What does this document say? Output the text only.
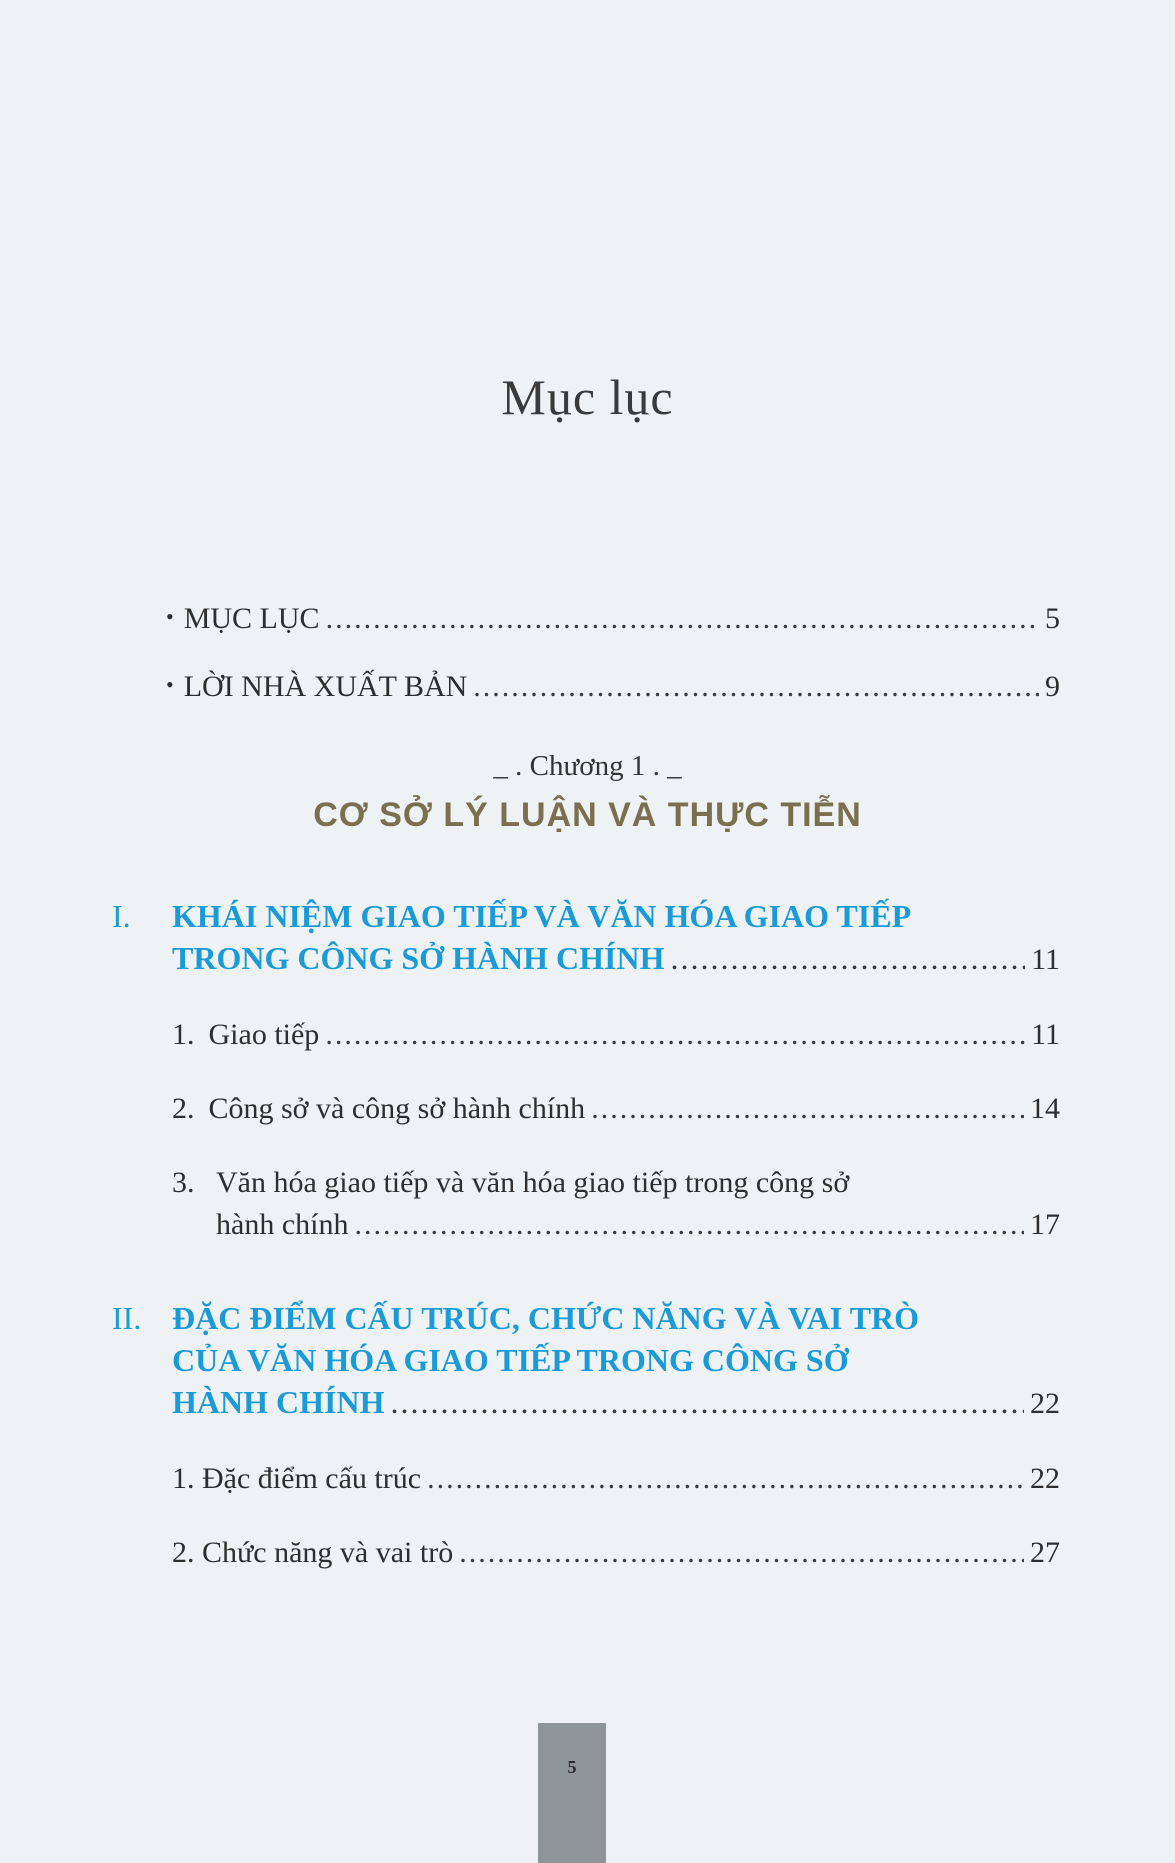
Mục lục
• MỤC LỤC .....	5
• LỜI NHÀ XUẤT BẢN .....	9
_ . Chương 1 . _
CƠ SỞ LÝ LUẬN VÀ THỰC TIỄN
I. KHÁI NIỆM GIAO TIẾP VÀ VĂN HÓA GIAO TIẾP
TRONG CÔNG SỞ HÀNH CHÍNH .....	11
1. Giao tiếp .....	11
2. Công sở và công sở hành chính .....	14
3. Văn hóa giao tiếp và văn hóa giao tiếp trong công sở
hành chính .....	17
II. ĐẶC ĐIỂM CẤU TRÚC, CHỨC NĂNG VÀ VAI TRÒ
CỦA VĂN HÓA GIAO TIẾP TRONG CÔNG SỞ
HÀNH CHÍNH .....	22
1. Đặc điểm cấu trúc .....	22
2. Chức năng và vai trò .....	27
5
